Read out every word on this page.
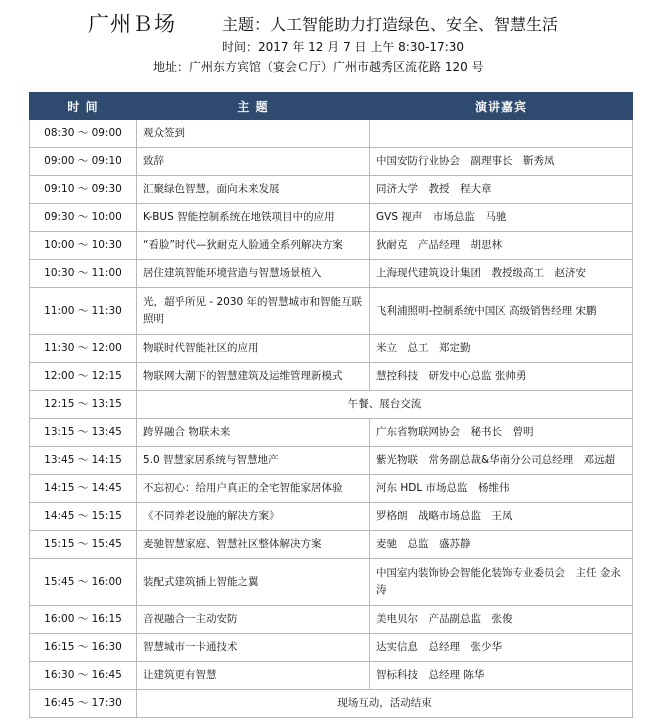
广州Ｂ场	主题：人工智能助力打造绿色、安全、智慧生活
时间：2017 年 12 月 7 日 上午 8:30-17:30
地址：广州东方宾馆（宴会Ｃ厅）广州市越秀区流花路 120 号
时 间	主 题	演讲嘉宾
08:30 ～ 09:00	观众签到	
09:00 ～ 09:10	致辞	中国安防行业协会　副理事长　靳秀凤
09:10 ～ 09:30	汇聚绿色智慧，面向未来发展	同济大学　教授　程大章
09:30 ～ 10:00	K-BUS 智能控制系统在地铁项目中的应用	GVS 视声　市场总监　马驰
10:00 ～ 10:30	“看脸”时代—狄耐克人脸通全系列解决方案	狄耐克　产品经理　胡思林
10:30 ～ 11:00	居住建筑智能环境营造与智慧场景植入	上海现代建筑设计集团　教授级高工　赵济安
11:00 ～ 11:30	光，超乎所见 - 2030 年的智慧城市和智能互联照明	飞利浦照明-控制系统中国区 高级销售经理 宋鹏
11:30 ～ 12:00	物联时代智能社区的应用	米立　总工　郑定勤
12:00 ～ 12:15	物联网大潮下的智慧建筑及运维管理新模式	慧控科技　研发中心总监 张帅勇
12:15 ～ 13:15	午餐、展台交流	
13:15 ～ 13:45	跨界融合 物联未来	广东省物联网协会　秘书长　曾明
13:45 ～ 14:15	5.0 智慧家居系统与智慧地产	紫光物联　常务副总裁&华南分公司总经理　邓远超
14:15 ～ 14:45	不忘初心：给用户真正的全宅智能家居体验	河东 HDL 市场总监　杨维伟
14:45 ～ 15:15	《不同养老设施的解决方案》	罗格朗　战略市场总监　王凤
15:15 ～ 15:45	麦驰智慧家庭、智慧社区整体解决方案	麦驰　总监　盛苏静
15:45 ～ 16:00	装配式建筑插上智能之翼	中国室内装饰协会智能化装饰专业委员会　主任 金永涛
16:00 ～ 16:15	音视融合一主动安防	美电贝尔　产品副总监　张俊
16:15 ～ 16:30	智慧城市一卡通技术	达实信息　总经理　张少华
16:30 ～ 16:45	让建筑更有智慧	智标科技　总经理 陈华
16:45 ～ 17:30	现场互动，活动结束	
